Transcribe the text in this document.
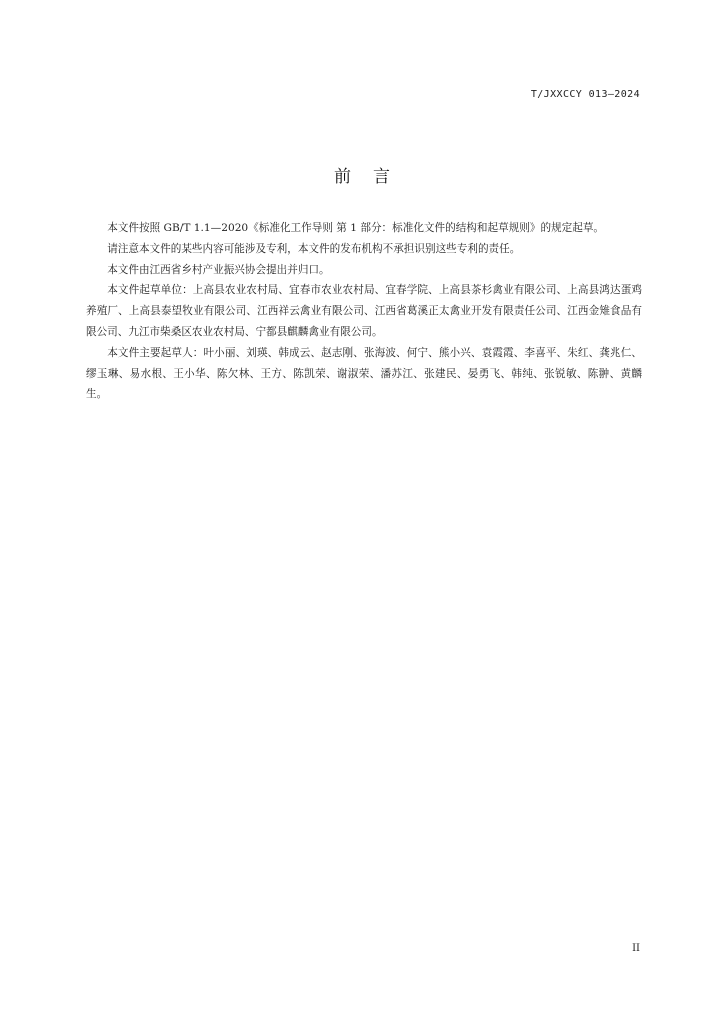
T/JXXCCY 013—2024
前言

本文件按照 GB/T 1.1—2020《标准化工作导则 第 1 部分：标准化文件的结构和起草规则》的规定起草。

请注意本文件的某些内容可能涉及专利，本文件的发布机构不承担识别这些专利的责任。

本文件由江西省乡村产业振兴协会提出并归口。

本文件起草单位：上高县农业农村局、宜春市农业农村局、宜春学院、上高县茶杉禽业有限公司、上高县鸿达蛋鸡养殖厂、上高县泰望牧业有限公司、江西祥云禽业有限公司、江西省葛溪正太禽业开发有限责任公司、江西金雉食品有限公司、九江市柴桑区农业农村局、宁都县麒麟禽业有限公司。

本文件主要起草人：叶小丽、刘瑛、韩成云、赵志刚、张海波、何宁、熊小兴、袁霞霞、李喜平、朱红、龚兆仁、缪玉琳、易水根、王小华、陈欠林、王方、陈凯荣、谢淑荣、潘苏江、张建民、晏勇飞、韩纯、张锐敏、陈翀、黄麟生。

II
